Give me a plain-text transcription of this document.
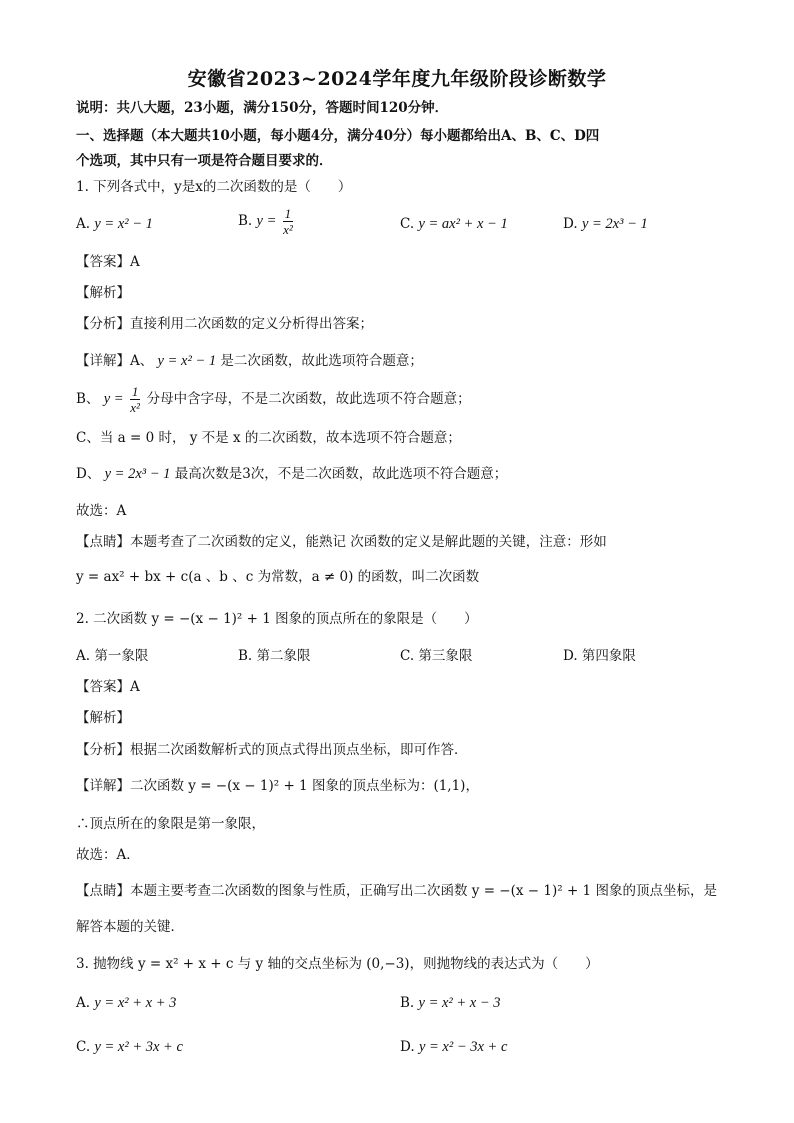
安徽省2023~2024学年度九年级阶段诊断数学
说明：共八大题，23小题，满分150分，答题时间120分钟．
一、选择题（本大题共10小题，每小题4分，满分40分）每小题都给出A、B、C、D四
个选项，其中只有一项是符合题目要求的．
1. 下列各式中，y是x的二次函数的是（　　）
A. y = x² − 1	B. $y = \frac{1}{\text{x²}}$	C. y = ax² + x − 1	D. y = 2x³ − 1
【答案】A
【解析】
【分析】直接利用二次函数的定义分析得出答案；
【详解】A、 y = x² − 1 是二次函数，故此选项符合题意；
B、 $y = \frac{1}{\text{x²}}$ 分母中含字母，不是二次函数，故此选项不符合题意；
C、当 a = 0 时， y 不是 x 的二次函数，故本选项不符合题意；
D、 y = 2x³ − 1 最高次数是3次，不是二次函数，故此选项不符合题意；
故选：A
【点睛】本题考查了二次函数的定义，能熟记 次函数的定义是解此题的关键，注意：形如
y = ax² + bx + c(a 、b 、c 为常数，a ≠ 0) 的函数，叫二次函数
2. 二次函数 y = −(x − 1)² + 1 图象的顶点所在的象限是（　　）
A. 第一象限	B. 第二象限	C. 第三象限	D. 第四象限
【答案】A
【解析】
【分析】根据二次函数解析式的顶点式得出顶点坐标，即可作答．
【详解】二次函数 y = −(x − 1)² + 1 图象的顶点坐标为：(1,1)，
∴顶点所在的象限是第一象限，
故选：A．
【点睛】本题主要考查二次函数的图象与性质，正确写出二次函数 y = −(x − 1)² + 1 图象的顶点坐标，是
解答本题的关键．
3. 抛物线 y = x² + x + c 与 y 轴的交点坐标为 (0,−3)，则抛物线的表达式为（　　）
A. y = x² + x + 3	B. y = x² + x − 3
C. y = x² + 3x + c	D. y = x² − 3x + c
